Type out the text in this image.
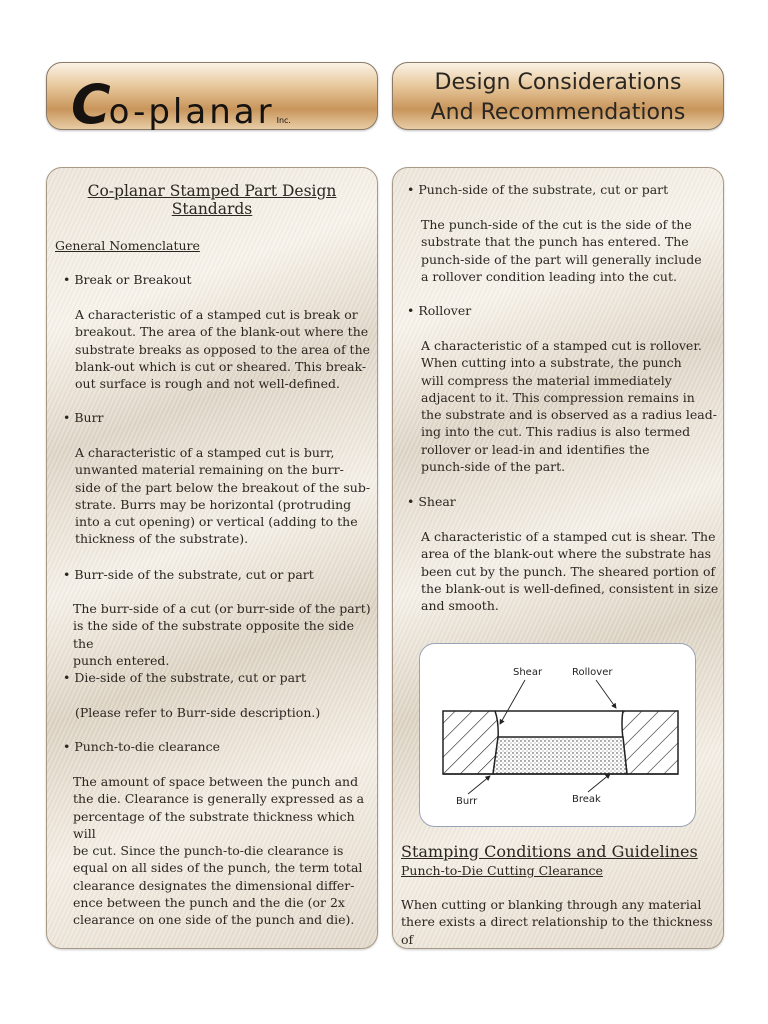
Co-planar Inc.
Design Considerations
And Recommendations
Co-planar Stamped Part Design Standards
General Nomenclature
• Break or Breakout
A characteristic of a stamped cut is break or
breakout. The area of the blank-out where the
substrate breaks as opposed to the area of the
blank-out which is cut or sheared. This break-
out surface is rough and not well-defined.
• Burr
A characteristic of a stamped cut is burr,
unwanted material remaining on the burr-
side of the part below the breakout of the sub-
strate. Burrs may be horizontal (protruding
into a cut opening) or vertical (adding to the
thickness of the substrate).
• Burr-side of the substrate, cut or part
The burr-side of a cut (or burr-side of the part)
is the side of the substrate opposite the side the
punch entered.
• Die-side of the substrate, cut or part
(Please refer to Burr-side description.)
• Punch-to-die clearance
The amount of space between the punch and
the die. Clearance is generally expressed as a
percentage of the substrate thickness which will
be cut. Since the punch-to-die clearance is
equal on all sides of the punch, the term total
clearance designates the dimensional differ-
ence between the punch and the die (or 2x
clearance on one side of the punch and die).
• Punch-side of the substrate, cut or part
The punch-side of the cut is the side of the
substrate that the punch has entered. The
punch-side of the part will generally include
a rollover condition leading into the cut.
• Rollover
A characteristic of a stamped cut is rollover.
When cutting into a substrate, the punch
will compress the material immediately
adjacent to it. This compression remains in
the substrate and is observed as a radius lead-
ing into the cut. This radius is also termed
rollover or lead-in and identifies the
punch-side of the part.
• Shear
A characteristic of a stamped cut is shear. The
area of the blank-out where the substrate has
been cut by the punch. The sheared portion of
the blank-out is well-defined, consistent in size
and smooth.
Shear	Rollover
Burr	Break
Stamping Conditions and Guidelines
Punch-to-Die Cutting Clearance
When cutting or blanking through any material
there exists a direct relationship to the thickness of
